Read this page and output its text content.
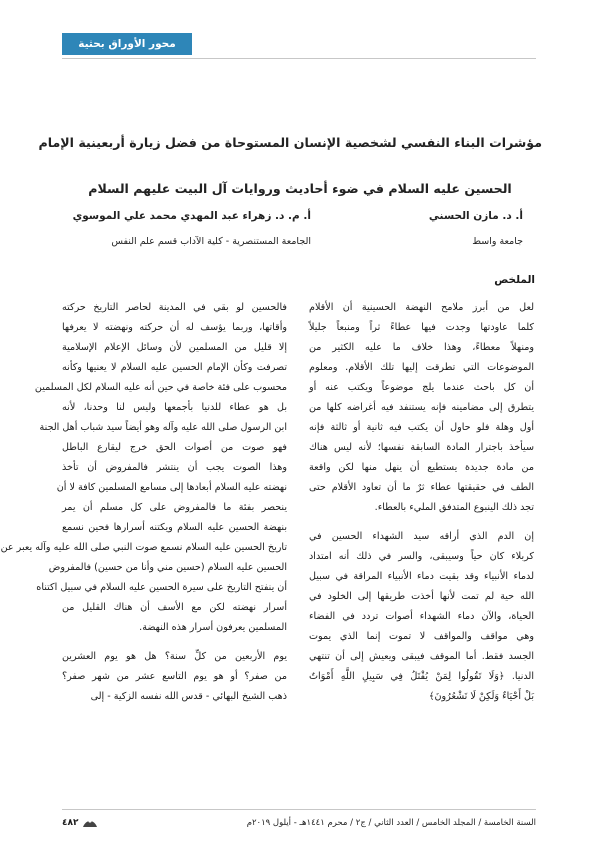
محور الأوراق بحثية
مؤشرات البناء النفسي لشخصية الإنسان المستوحاة من فضل زيارة أربعينية الإمام
الحسين عليه السلام في ضوء أحاديث وروايات آل البيت عليهم السلام
أ. د. مازن الحسني
جامعة واسط
أ. م. د. زهراء عبد المهدي محمد علي الموسوي
الجامعة المستنصرية - كلية الآداب قسم علم النفس
الملخص

لعل من أبرز ملامح النهضة الحسينية أن الأقلام
كلما عاودتها وجدت فيها عطاءً ثراً ومنبعاً جليلاً
ومنهلاً معطاءً، وهذا خلاف ما عليه الكثير من
الموضوعات التي تطرقت إليها تلك الأقلام. ومعلوم
أن كل باحث عندما يلج موضوعاً ويكتب عنه أو
يتطرق إلى مضامينه فإنه يستنفد فيه أغراضه كلها من
أول وهلة فلو حاول أن يكتب فيه ثانية أو ثالثة فإنه
سيأخذ باجترار المادة السابقة نفسها؛ لأنه ليس هناك
من مادة جديدة يستطيع أن ينهل منها لكن واقعة
الطف في حقيقتها عطاء ثرٌ ما أن تعاود الأقلام حتى
تجد ذلك الينبوع المتدفق المليء بالعطاء.

إن الدم الذي أراقه سيد الشهداء الحسين في
كربلاء كان حياً وسيبقى، والسر في ذلك أنه امتداد
لدماء الأنبياء وقد بقيت دماء الأنبياء المراقة في سبيل
الله حية لم تمت لأنها أخذت طريقها إلى الخلود في
الحياة، والآن دماء الشهداء أصوات تردد في الفضاء
وهي مواقف والمواقف لا تموت إنما الذي يموت
الجسد فقط. أما الموقف فيبقى ويعيش إلى أن تنتهي
الدنيا. ﴿وَلَا تَقُولُوا لِمَنْ يُقْتَلُ فِي سَبِيلِ اللَّهِ أَمْوَاتٌ
بَلْ أَحْيَاءٌ وَلَكِنْ لَا تَشْعُرُونَ﴾

فالحسين لو بقي في المدينة لحاصر التاريخ حركته
وأقاتها، وربما يؤسف له أن حركته ونهضته لا يعرفها
إلا قليل من المسلمين لأن وسائل الإعلام الإسلامية
تصرفت وكأن الإمام الحسين عليه السلام لا يعنيها وكأنه
محسوب على فئة خاصة في حين أنه عليه السلام لكل المسلمين
بل هو عطاء للدنيا بأجمعها وليس لنا وحدنا، لأنه
ابن الرسول صلى الله عليه وآله وهو أيضاً سيد شباب أهل الجنة
فهو صوت من أصوات الحق خرج ليقارع الباطل
وهذا الصوت يجب أن ينتشر فالمفروض أن تأخذ
نهضته عليه السلام أبعادها إلى مسامع المسلمين كافة لا أن
ينحصر بفئة ما فالمفروض على كل مسلم أن يمر
بنهضة الحسين عليه السلام ويكتنه أسرارها فحين نسمع
تاريخ الحسين عليه السلام نسمع صوت النبي صلى الله عليه وآله يعبر عن
الحسين عليه السلام (حسين مني وأنا من حسين) فالمفروض
أن ينفتح التاريخ على سيرة الحسين عليه السلام في سبيل اكتناه
أسرار نهضته لكن مع الأسف أن هناك القليل من
المسلمين يعرفون أسرار هذه النهضة.

يوم الأربعين من كلِّ سنة؟ هل هو يوم العشرين
من صفر؟ أو هو يوم التاسع عشر من شهر صفر؟
ذهب الشيخ البهائي - قدس الله نفسه الزكية - إلى

السنة الخامسة / المجلد الخامس / العدد الثاني / ج٢ / محرم ١٤٤١هـ - أيلول ٢٠١٩م
٤٨٢
